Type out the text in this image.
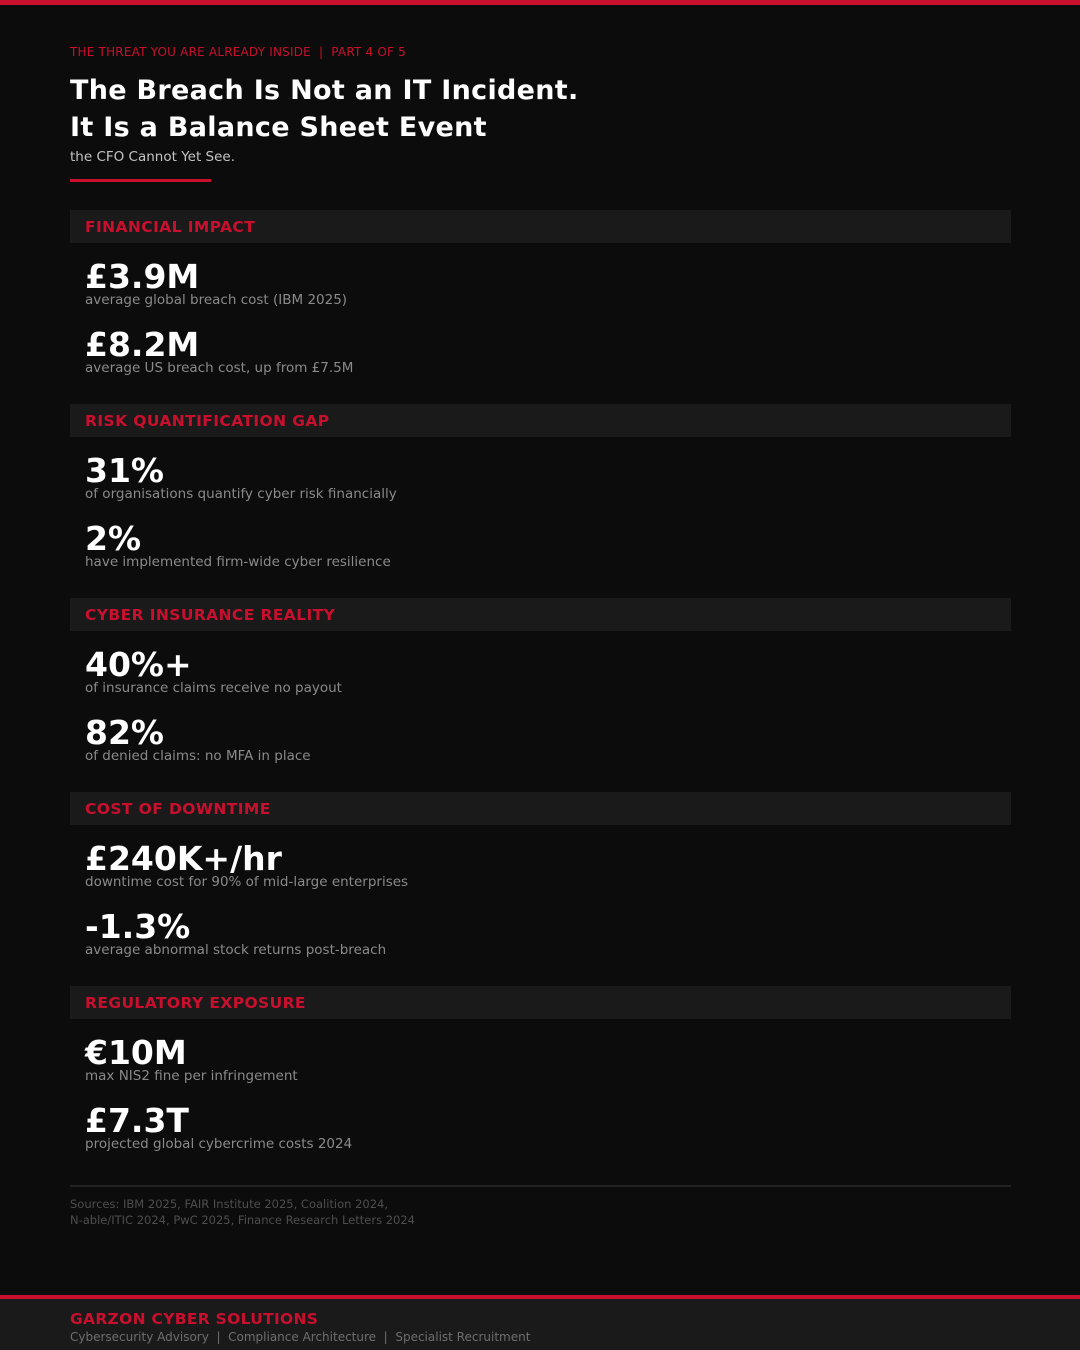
THE THREAT YOU ARE ALREADY INSIDE  |  PART 4 OF 5
The Breach Is Not an IT Incident.
It Is a Balance Sheet Event
the CFO Cannot Yet See.
FINANCIAL IMPACT
£3.9M
average global breach cost (IBM 2025)
£8.2M
average US breach cost, up from £7.5M
RISK QUANTIFICATION GAP
31%
of organisations quantify cyber risk financially
2%
have implemented firm-wide cyber resilience
CYBER INSURANCE REALITY
40%+
of insurance claims receive no payout
82%
of denied claims: no MFA in place
COST OF DOWNTIME
£240K+/hr
downtime cost for 90% of mid-large enterprises
-1.3%
average abnormal stock returns post-breach
REGULATORY EXPOSURE
€10M
max NIS2 fine per infringement
£7.3T
projected global cybercrime costs 2024
Sources: IBM 2025, FAIR Institute 2025, Coalition 2024,
N-able/ITIC 2024, PwC 2025, Finance Research Letters 2024
GARZON CYBER SOLUTIONS
Cybersecurity Advisory  |  Compliance Architecture  |  Specialist Recruitment
